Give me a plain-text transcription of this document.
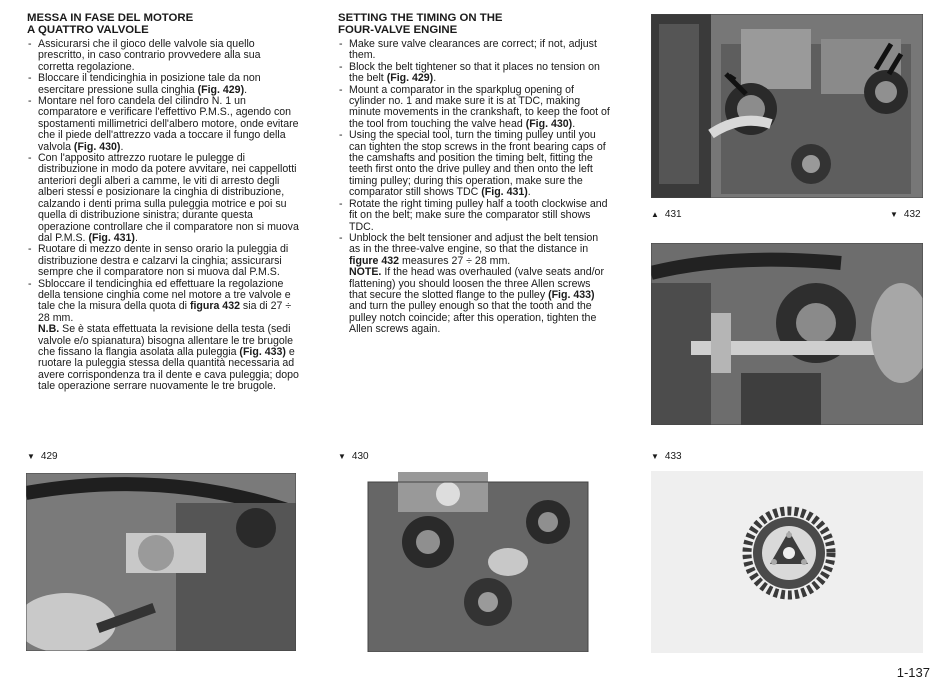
MESSA IN FASE DEL MOTORE
A QUATTRO VALVOLE
- Assicurarsi che il gioco delle valvole sia quello prescritto, in caso contrario provvedere alla sua corretta regolazione.
- Bloccare il tendicinghia in posizione tale da non esercitare pressione sulla cinghia (Fig. 429).
- Montare nel foro candela del cilindro N. 1 un comparatore e verificare l'effettivo P.M.S., agendo con spostamenti millimetrici dell'albero motore, onde evitare che il piede dell'attrezzo vada a toccare il fungo della valvola (Fig. 430).
- Con l'apposito attrezzo ruotare le pulegge di distribuzione in modo da potere avvitare, nei cappellotti anteriori degli alberi a camme, le viti di arresto degli alberi stessi e posizionare la cinghia di distribuzione, calzando i denti prima sulla puleggia motrice e poi su quella di distribuzione sinistra; durante questa operazione controllare che il comparatore non si muova dal P.M.S. (Fig. 431).
- Ruotare di mezzo dente in senso orario la puleggia di distribuzione destra e calzarvi la cinghia; assicurarsi sempre che il comparatore non si muova dal P.M.S.
- Sbloccare il tendicinghia ed effettuare la regolazione della tensione cinghia come nel motore a tre valvole e tale che la misura della quota di figura 432 sia di 27 ÷ 28 mm.
N.B. Se è stata effettuata la revisione della testa (sedi valvole e/o spianatura) bisogna allentare le tre brugole che fissano la flangia asolata alla puleggia (Fig. 433) e ruotare la puleggia stessa della quantità necessaria ad avere corrispondenza tra il dente e cava puleggia; dopo tale operazione serrare nuovamente le tre brugole.
SETTING THE TIMING ON THE
FOUR-VALVE ENGINE
- Make sure valve clearances are correct; if not, adjust them.
- Block the belt tightener so that it places no tension on the belt (Fig. 429).
- Mount a comparator in the sparkplug opening of cylinder no. 1 and make sure it is at TDC, making minute movements in the crankshaft, to keep the foot of the tool from touching the valve head (Fig. 430).
- Using the special tool, turn the timing pulley until you can tighten the stop screws in the front bearing caps of the camshafts and position the timing belt, fitting the teeth first onto the drive pulley and then onto the left timing pulley; during this operation, make sure the comparator still shows TDC (Fig. 431).
- Rotate the right timing pulley half a tooth clockwise and fit on the belt; make sure the comparator still shows TDC.
- Unblock the belt tensioner and adjust the belt tension as in the three-valve engine, so that the distance in figure 432 measures 27 ÷ 28 mm.
NOTE. If the head was overhauled (valve seats and/or flattening) you should loosen the three Allen screws that secure the slotted flange to the pulley (Fig. 433) and turn the pulley enough so that the tooth and the pulley notch coincide; after this operation, tighten the Allen screws again.
▲ 431	▼ 432
▼ 429	▼ 430	▼ 433
1-137
